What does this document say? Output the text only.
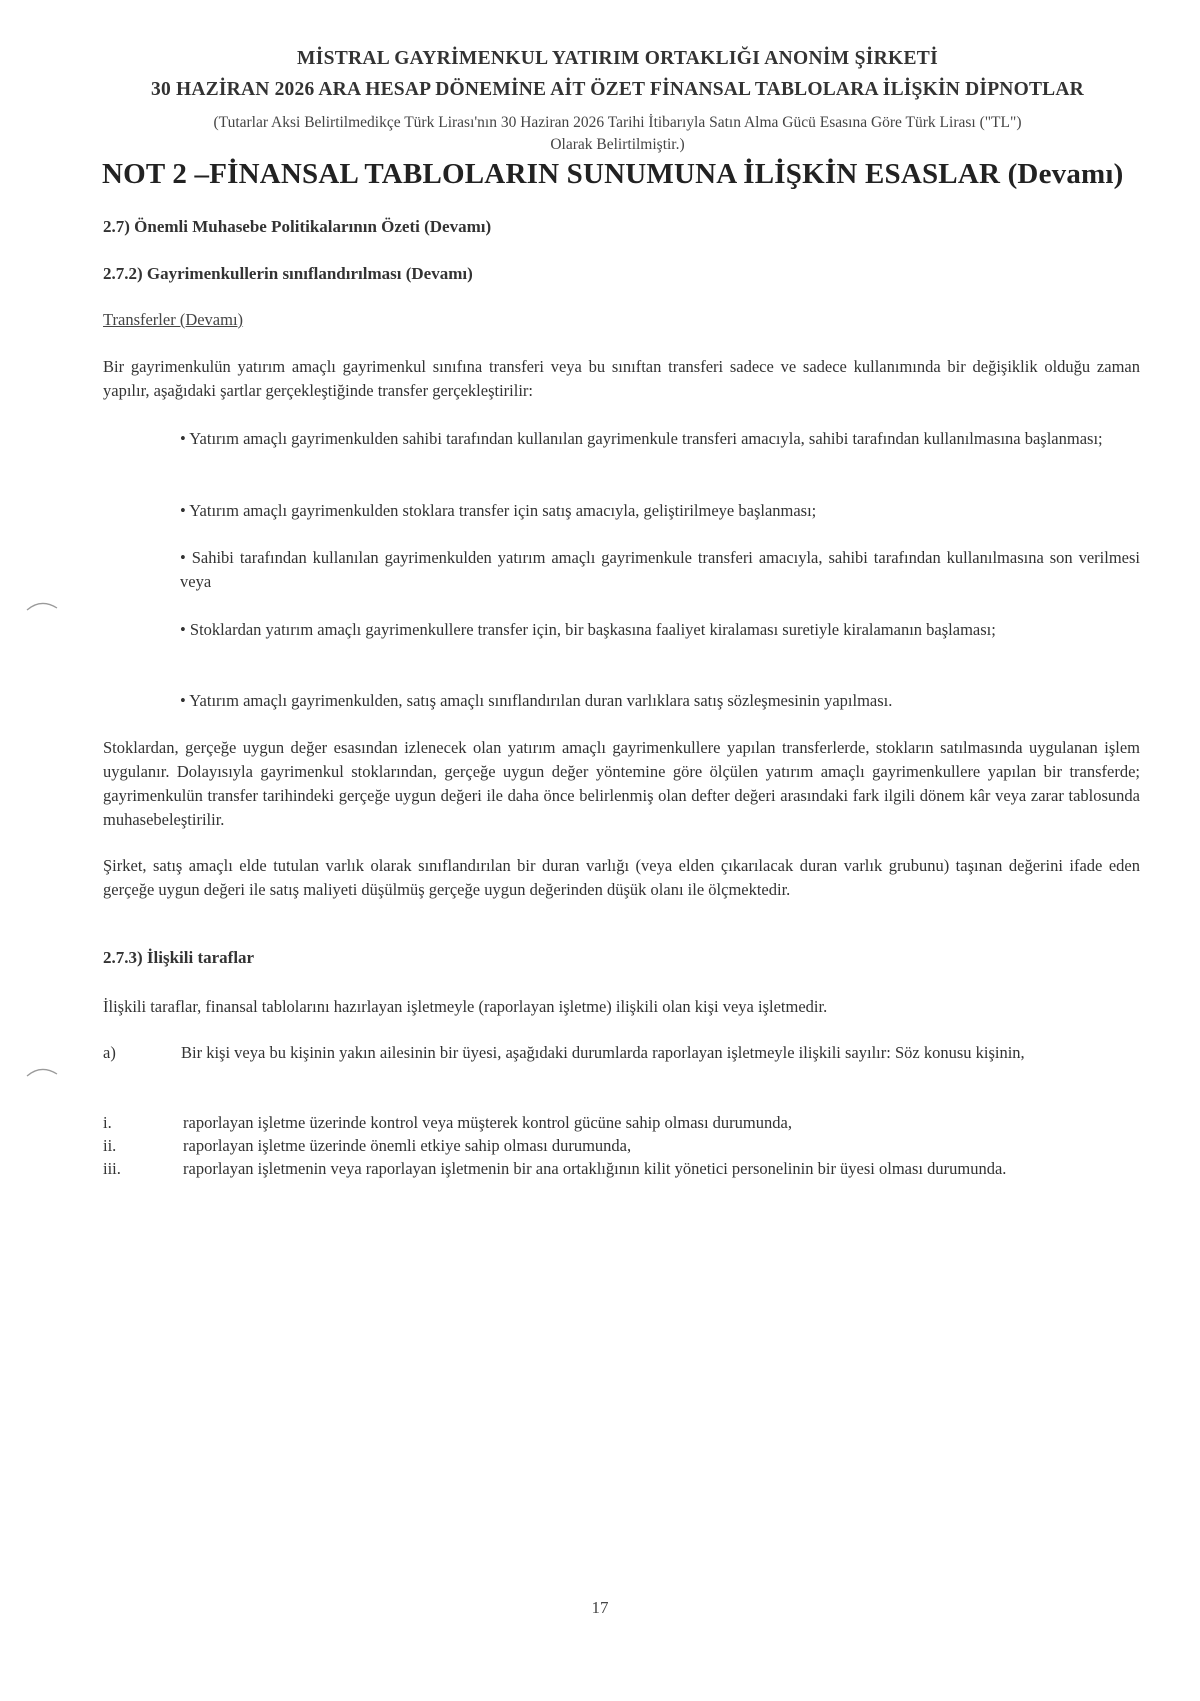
MİSTRAL GAYRİMENKUL YATIRIM ORTAKLIĞI ANONİM ŞİRKETİ
30 HAZİRAN 2026 ARA HESAP DÖNEMİNE AİT ÖZET FİNANSAL TABLOLARA İLİŞKİN DİPNOTLAR
(Tutarlar Aksi Belirtilmedikçe Türk Lirası'nın 30 Haziran 2026 Tarihi İtibarıyla Satın Alma Gücü Esasına Göre Türk Lirası ("TL")
Olarak Belirtilmiştir.)
NOT 2 –FİNANSAL TABLOLARIN SUNUMUNA İLİŞKİN ESASLAR (Devamı)
2.7) Önemli Muhasebe Politikalarının Özeti (Devamı)
2.7.2) Gayrimenkullerin sınıflandırılması (Devamı)
Transferler (Devamı)
Bir gayrimenkulün yatırım amaçlı gayrimenkul sınıfına transferi veya bu sınıftan transferi sadece ve sadece kullanımında bir değişiklik olduğu zaman yapılır, aşağıdaki şartlar gerçekleştiğinde transfer gerçekleştirilir:
• Yatırım amaçlı gayrimenkulden sahibi tarafından kullanılan gayrimenkule transferi amacıyla, sahibi tarafından kullanılmasına başlanması;
• Yatırım amaçlı gayrimenkulden stoklara transfer için satış amacıyla, geliştirilmeye başlanması;
• Sahibi tarafından kullanılan gayrimenkulden yatırım amaçlı gayrimenkule transferi amacıyla, sahibi tarafından kullanılmasına son verilmesi veya
• Stoklardan yatırım amaçlı gayrimenkullere transfer için, bir başkasına faaliyet kiralaması suretiyle kiralamanın başlaması;
• Yatırım amaçlı gayrimenkulden, satış amaçlı sınıflandırılan duran varlıklara satış sözleşmesinin yapılması.
Stoklardan, gerçeğe uygun değer esasından izlenecek olan yatırım amaçlı gayrimenkullere yapılan transferlerde, stokların satılmasında uygulanan işlem uygulanır. Dolayısıyla gayrimenkul stoklarından, gerçeğe uygun değer yöntemine göre ölçülen yatırım amaçlı gayrimenkullere yapılan bir transferde; gayrimenkulün transfer tarihindeki gerçeğe uygun değeri ile daha önce belirlenmiş olan defter değeri arasındaki fark ilgili dönem kâr veya zarar tablosunda muhasebeleştirilir.
Şirket, satış amaçlı elde tutulan varlık olarak sınıflandırılan bir duran varlığı (veya elden çıkarılacak duran varlık grubunu) taşınan değerini ifade eden gerçeğe uygun değeri ile satış maliyeti düşülmüş gerçeğe uygun değerinden düşük olanı ile ölçmektedir.
2.7.3) İlişkili taraflar
İlişkili taraflar, finansal tablolarını hazırlayan işletmeyle (raporlayan işletme) ilişkili olan kişi veya işletmedir.
a)	Bir kişi veya bu kişinin yakın ailesinin bir üyesi, aşağıdaki durumlarda raporlayan işletmeyle ilişkili sayılır: Söz konusu kişinin,
i.	raporlayan işletme üzerinde kontrol veya müşterek kontrol gücüne sahip olması durumunda,
ii.	raporlayan işletme üzerinde önemli etkiye sahip olması durumunda,
iii.	raporlayan işletmenin veya raporlayan işletmenin bir ana ortaklığının kilit yönetici personelinin bir üyesi olması durumunda.
17
